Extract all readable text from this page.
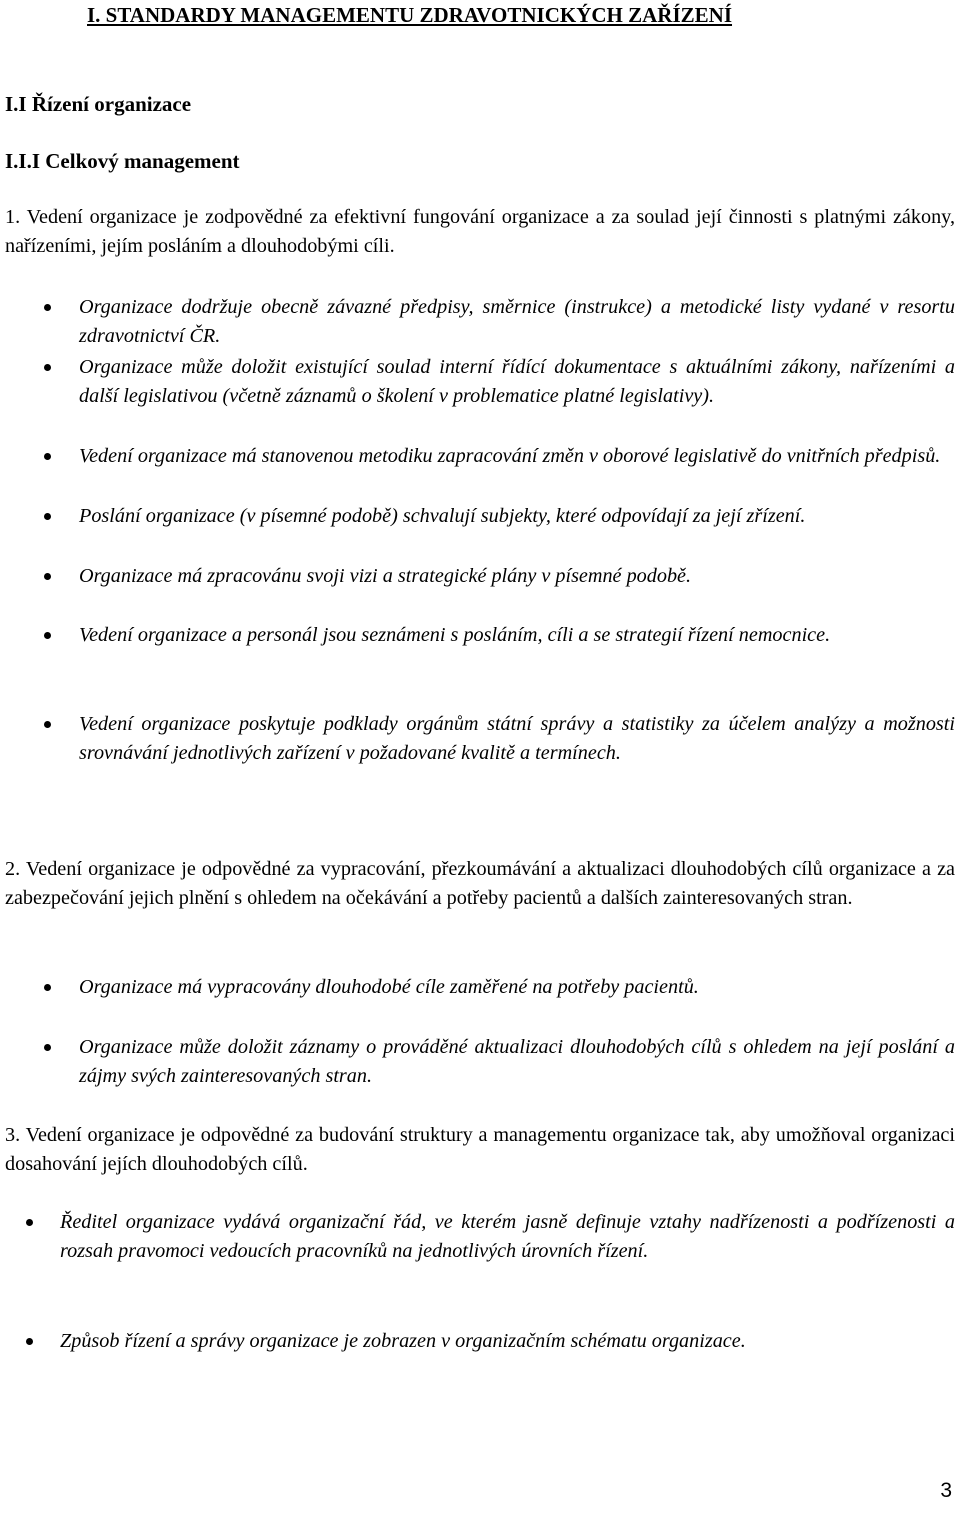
I. STANDARDY MANAGEMENTU ZDRAVOTNICKÝCH ZAŘÍZENÍ
I.I Řízení organizace
I.I.I Celkový management
1. Vedení organizace je zodpovědné za efektivní fungování organizace a za soulad její činnosti s platnými zákony, nařízeními, jejím posláním a dlouhodobými cíli.
Organizace dodržuje obecně závazné předpisy, směrnice (instrukce) a metodické listy vydané v resortu zdravotnictví ČR.
Organizace může doložit existující soulad interní řídící dokumentace s aktuálními zákony, nařízeními a další legislativou (včetně záznamů o školení v problematice platné legislativy).
Vedení organizace má stanovenou metodiku zapracování změn v oborové legislativě do vnitřních předpisů.
Poslání organizace (v písemné podobě) schvalují subjekty, které odpovídají za její zřízení.
Organizace má zpracovánu svoji vizi a strategické plány v písemné podobě.
Vedení organizace a personál jsou seznámeni s posláním, cíli a se strategií řízení nemocnice.
Vedení organizace poskytuje podklady orgánům státní správy a statistiky za účelem analýzy a možnosti srovnávání jednotlivých zařízení v požadované kvalitě a termínech.
2. Vedení organizace je odpovědné za vypracování, přezkoumávání a aktualizaci dlouhodobých cílů organizace a za zabezpečování jejich plnění s ohledem na očekávání a potřeby pacientů a dalších zainteresovaných stran.
Organizace má vypracovány dlouhodobé cíle zaměřené na potřeby pacientů.
Organizace může doložit záznamy o prováděné aktualizaci dlouhodobých cílů s ohledem na její poslání a zájmy svých zainteresovaných stran.
3. Vedení organizace je odpovědné za budování struktury a managementu organizace tak, aby umožňoval organizaci dosahování jejích dlouhodobých cílů.
Ředitel organizace vydává organizační řád, ve kterém jasně definuje vztahy nadřízenosti a podřízenosti a rozsah pravomoci vedoucích pracovníků na jednotlivých úrovních řízení.
Způsob řízení a správy organizace je zobrazen v organizačním schématu organizace.
3
